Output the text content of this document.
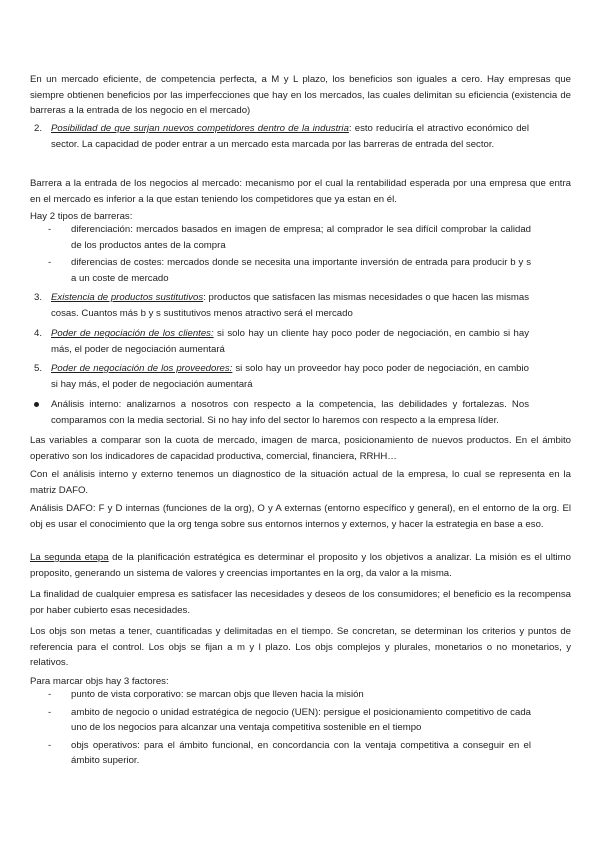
En un mercado eficiente, de competencia perfecta, a M y L plazo, los beneficios son iguales a cero. Hay empresas que siempre obtienen beneficios por las imperfecciones que hay en los mercados, las cuales delimitan su eficiencia (existencia de barreras a la entrada de los negocio en el mercado)

2. Posibilidad de que surjan nuevos competidores dentro de la industria: esto reduciría el atractivo económico del sector. La capacidad de poder entrar a un mercado esta marcada por las barreras de entrada del sector.

Barrera a la entrada de los negocios al mercado: mecanismo por el cual la rentabilidad esperada por una empresa que entra en el mercado es inferior a la que estan teniendo los competidores que ya estan en él.

Hay 2 tipos de barreras:

-	diferenciación: mercados basados en imagen de empresa; al comprador le sea difícil comprobar la calidad de los productos antes de la compra

-	diferencias de costes: mercados donde se necesita una importante inversión de entrada para producir b y s a un coste de mercado

3. Existencia de productos sustitutivos: productos que satisfacen las mismas necesidades o que hacen las mismas cosas. Cuantos más b y s sustitutivos menos atractivo será el mercado

4. Poder de negociación de los clientes: si solo hay un cliente hay poco poder de negociación, en cambio si hay más, el poder de negociación aumentará

5. Poder de negociación de los proveedores: si solo hay un proveedor hay poco poder de negociación, en cambio si hay más, el poder de negociación aumentará

Análisis interno: analizarnos a nosotros con respecto a la competencia, las debilidades y fortalezas. Nos comparamos con la media sectorial. Si no hay info del sector lo haremos con respecto a la empresa líder.

Las variables a comparar son la cuota de mercado, imagen de marca, posicionamiento de nuevos productos. En el ámbito operativo son los indicadores de capacidad productiva, comercial, financiera, RRHH…

Con el análisis interno y externo tenemos un diagnostico de la situación actual de la empresa, lo cual se representa en la matriz DAFO.

Análisis DAFO: F y D internas (funciones de la org), O y A externas (entorno específico y general), en el entorno de la org. El obj es usar el conocimiento que la org tenga sobre sus entornos internos y externos, y hacer la estrategia en base a eso.

La segunda etapa de la planificación estratégica es determinar el proposito y los objetivos a analizar. La misión es el ultimo proposito, generando un sistema de valores y creencias importantes en la org, da valor a la misma.

La finalidad de cualquier empresa es satisfacer las necesidades y deseos de los consumidores; el beneficio es la recompensa por haber cubierto esas necesidades.

Los objs son metas a tener, cuantificadas y delimitadas en el tiempo. Se concretan, se determinan los criterios y puntos de referencia para el control. Los objs se fijan a m y l plazo. Los objs complejos y plurales, monetarios o no monetarios, y relativos.

Para marcar objs hay 3 factores:

-	punto de vista corporativo: se marcan objs que lleven hacia la misión

-	ambito de negocio o unidad estratégica de negocio (UEN): persigue el posicionamiento competitivo de cada uno de los negocios para alcanzar una ventaja competitiva sostenible en el tiempo

-	objs operativos: para el ámbito funcional, en concordancia con la ventaja competitiva a conseguir en el ámbito superior.
